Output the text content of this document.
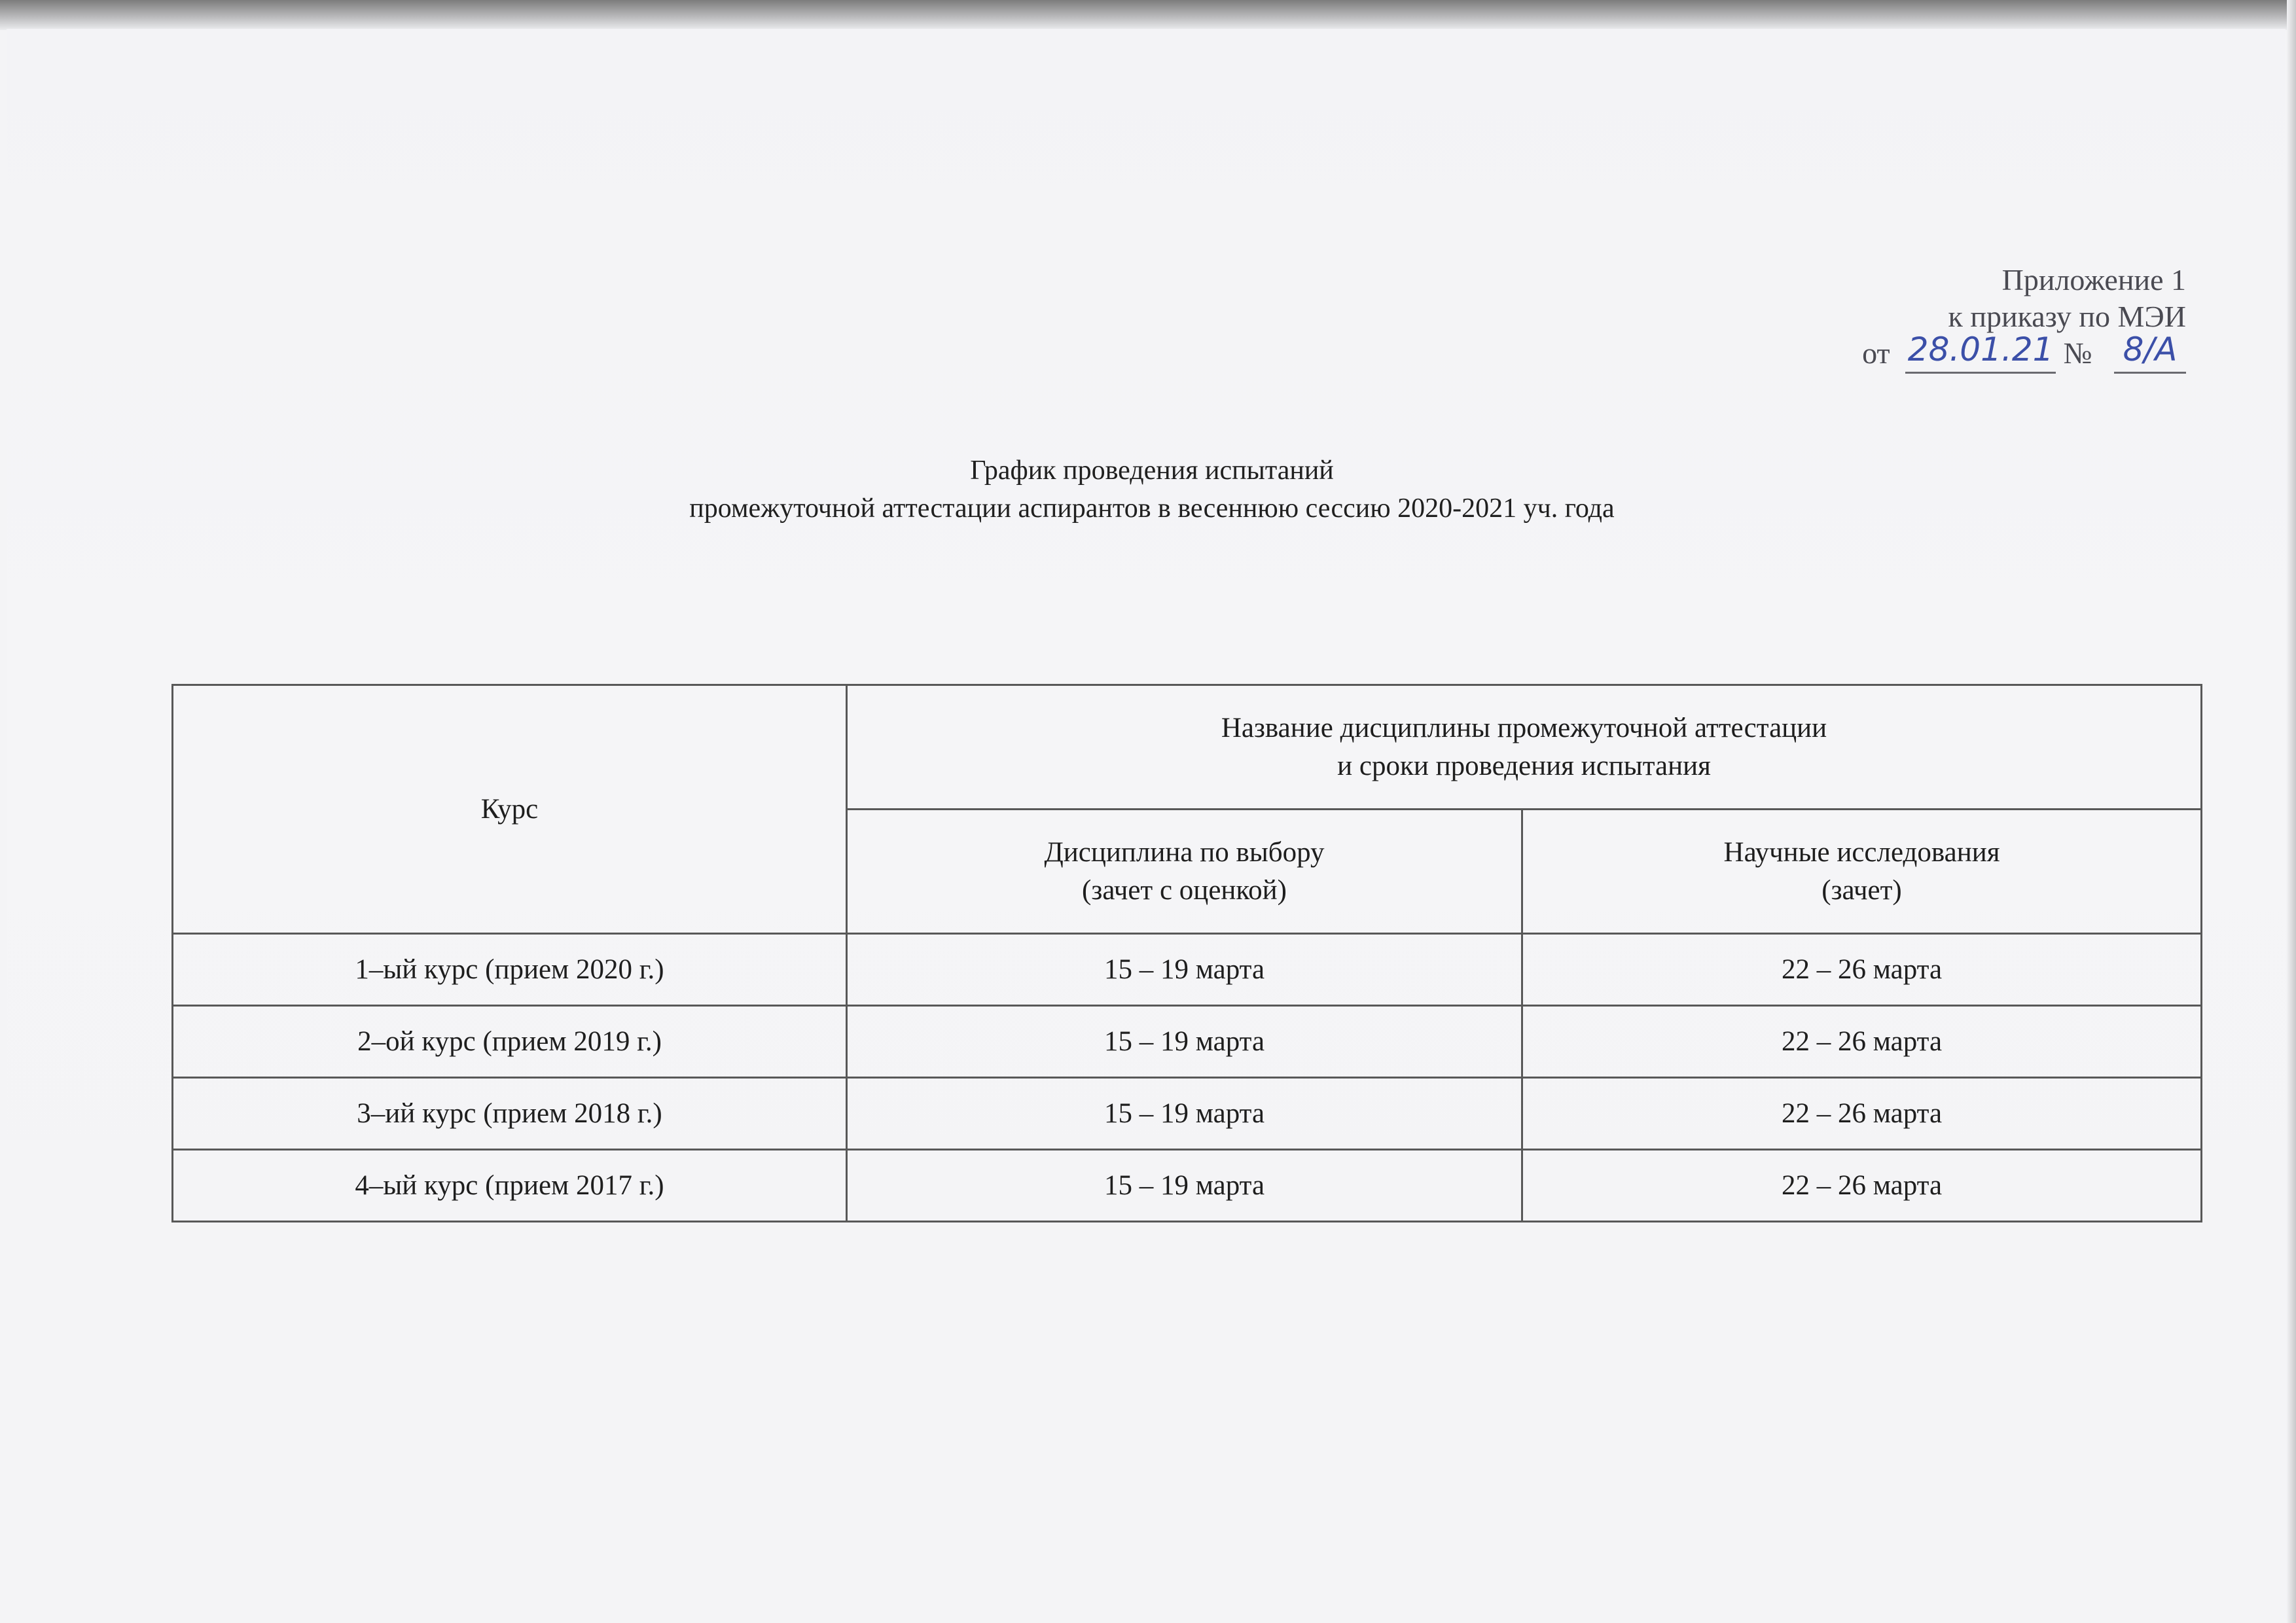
Приложение 1
к приказу по МЭИ
от 28.01.21 № 8/А
График проведения испытаний
промежуточной аттестации аспирантов в весеннюю сессию 2020-2021 уч. года
Курс	Название дисциплины промежуточной аттестации
и сроки проведения испытания	

	Дисциплина по выбору
(зачет с оценкой)	Научные исследования
(зачет)

1–ый курс (прием 2020 г.)	15 – 19 марта	22 – 26 марта
2–ой курс (прием 2019 г.)	15 – 19 марта	22 – 26 марта
3–ий курс (прием 2018 г.)	15 – 19 марта	22 – 26 марта
4–ый курс (прием 2017 г.)	15 – 19 марта	22 – 26 марта
